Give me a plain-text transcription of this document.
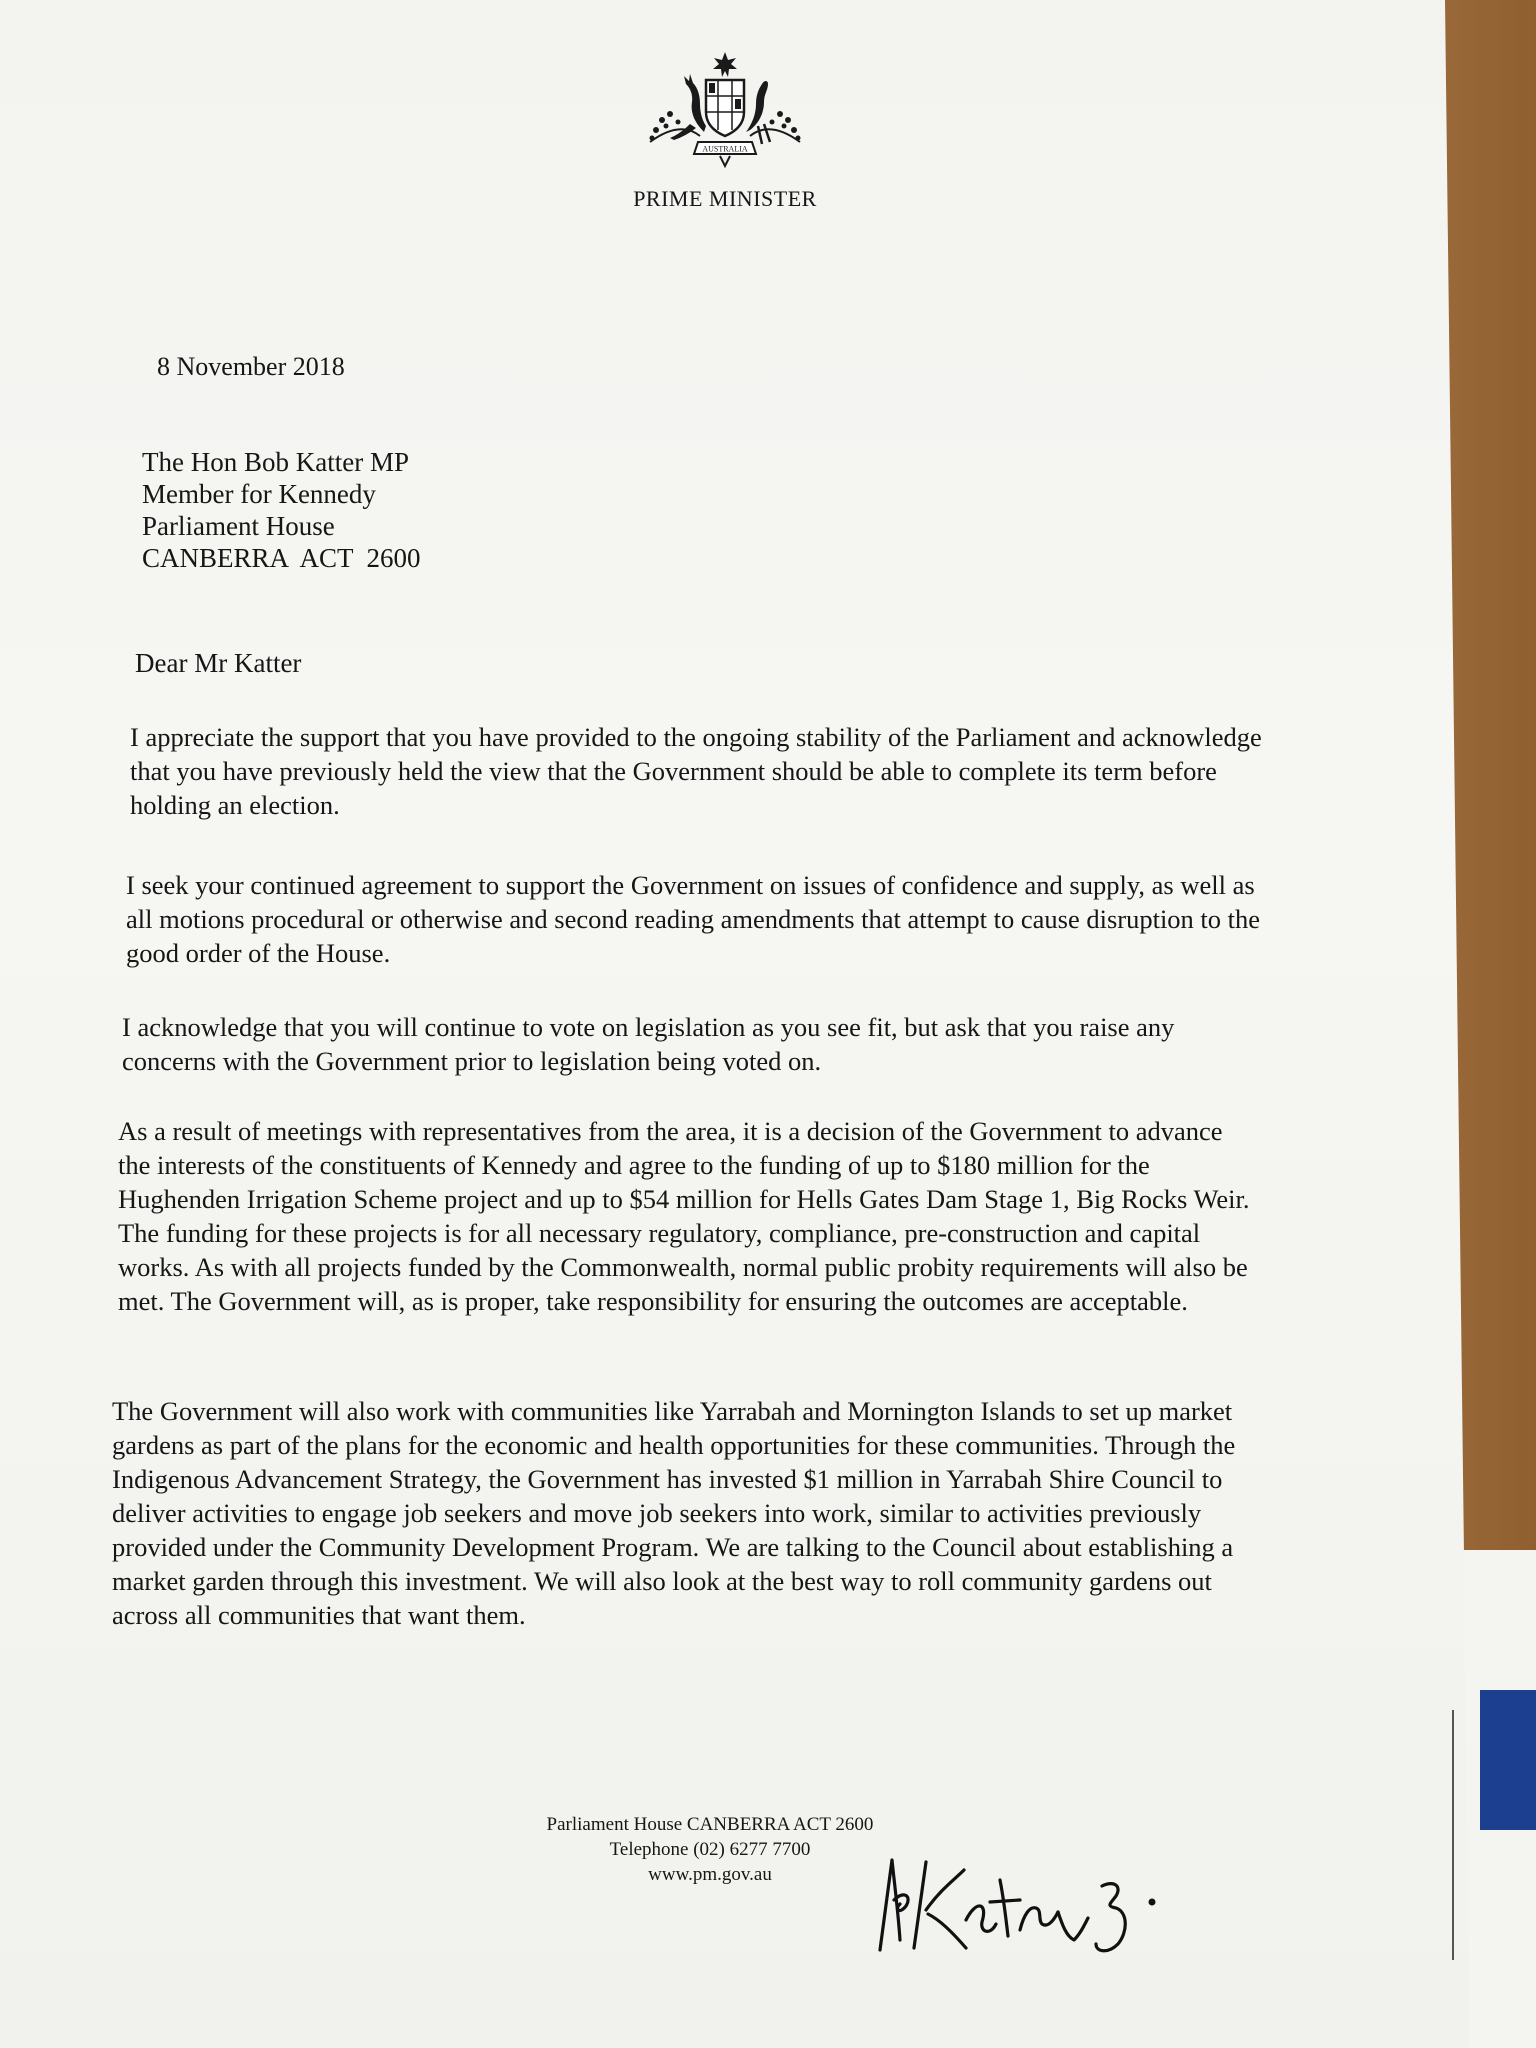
AUSTRALIA
PRIME MINISTER
8 November 2018
The Hon Bob Katter MP
Member for Kennedy
Parliament House
CANBERRA  ACT  2600
Dear Mr Katter

I appreciate the support that you have provided to the ongoing stability of the Parliament and acknowledge that you have previously held the view that the Government should be able to complete its term before holding an election.

I seek your continued agreement to support the Government on issues of confidence and supply, as well as all motions procedural or otherwise and second reading amendments that attempt to cause disruption to the good order of the House.

I acknowledge that you will continue to vote on legislation as you see fit, but ask that you raise any concerns with the Government prior to legislation being voted on.

As a result of meetings with representatives from the area, it is a decision of the Government to advance the interests of the constituents of Kennedy and agree to the funding of up to $180 million for the Hughenden Irrigation Scheme project and up to $54 million for Hells Gates Dam Stage 1, Big Rocks Weir. The funding for these projects is for all necessary regulatory, compliance, pre-construction and capital works. As with all projects funded by the Commonwealth, normal public probity requirements will also be met. The Government will, as is proper, take responsibility for ensuring the outcomes are acceptable.

The Government will also work with communities like Yarrabah and Mornington Islands to set up market gardens as part of the plans for the economic and health opportunities for these communities. Through the Indigenous Advancement Strategy, the Government has invested $1 million in Yarrabah Shire Council to deliver activities to engage job seekers and move job seekers into work, similar to activities previously provided under the Community Development Program. We are talking to the Council about establishing a market garden through this investment. We will also look at the best way to roll community gardens out across all communities that want them.

Parliament House CANBERRA ACT 2600
Telephone (02) 6277 7700
www.pm.gov.au
